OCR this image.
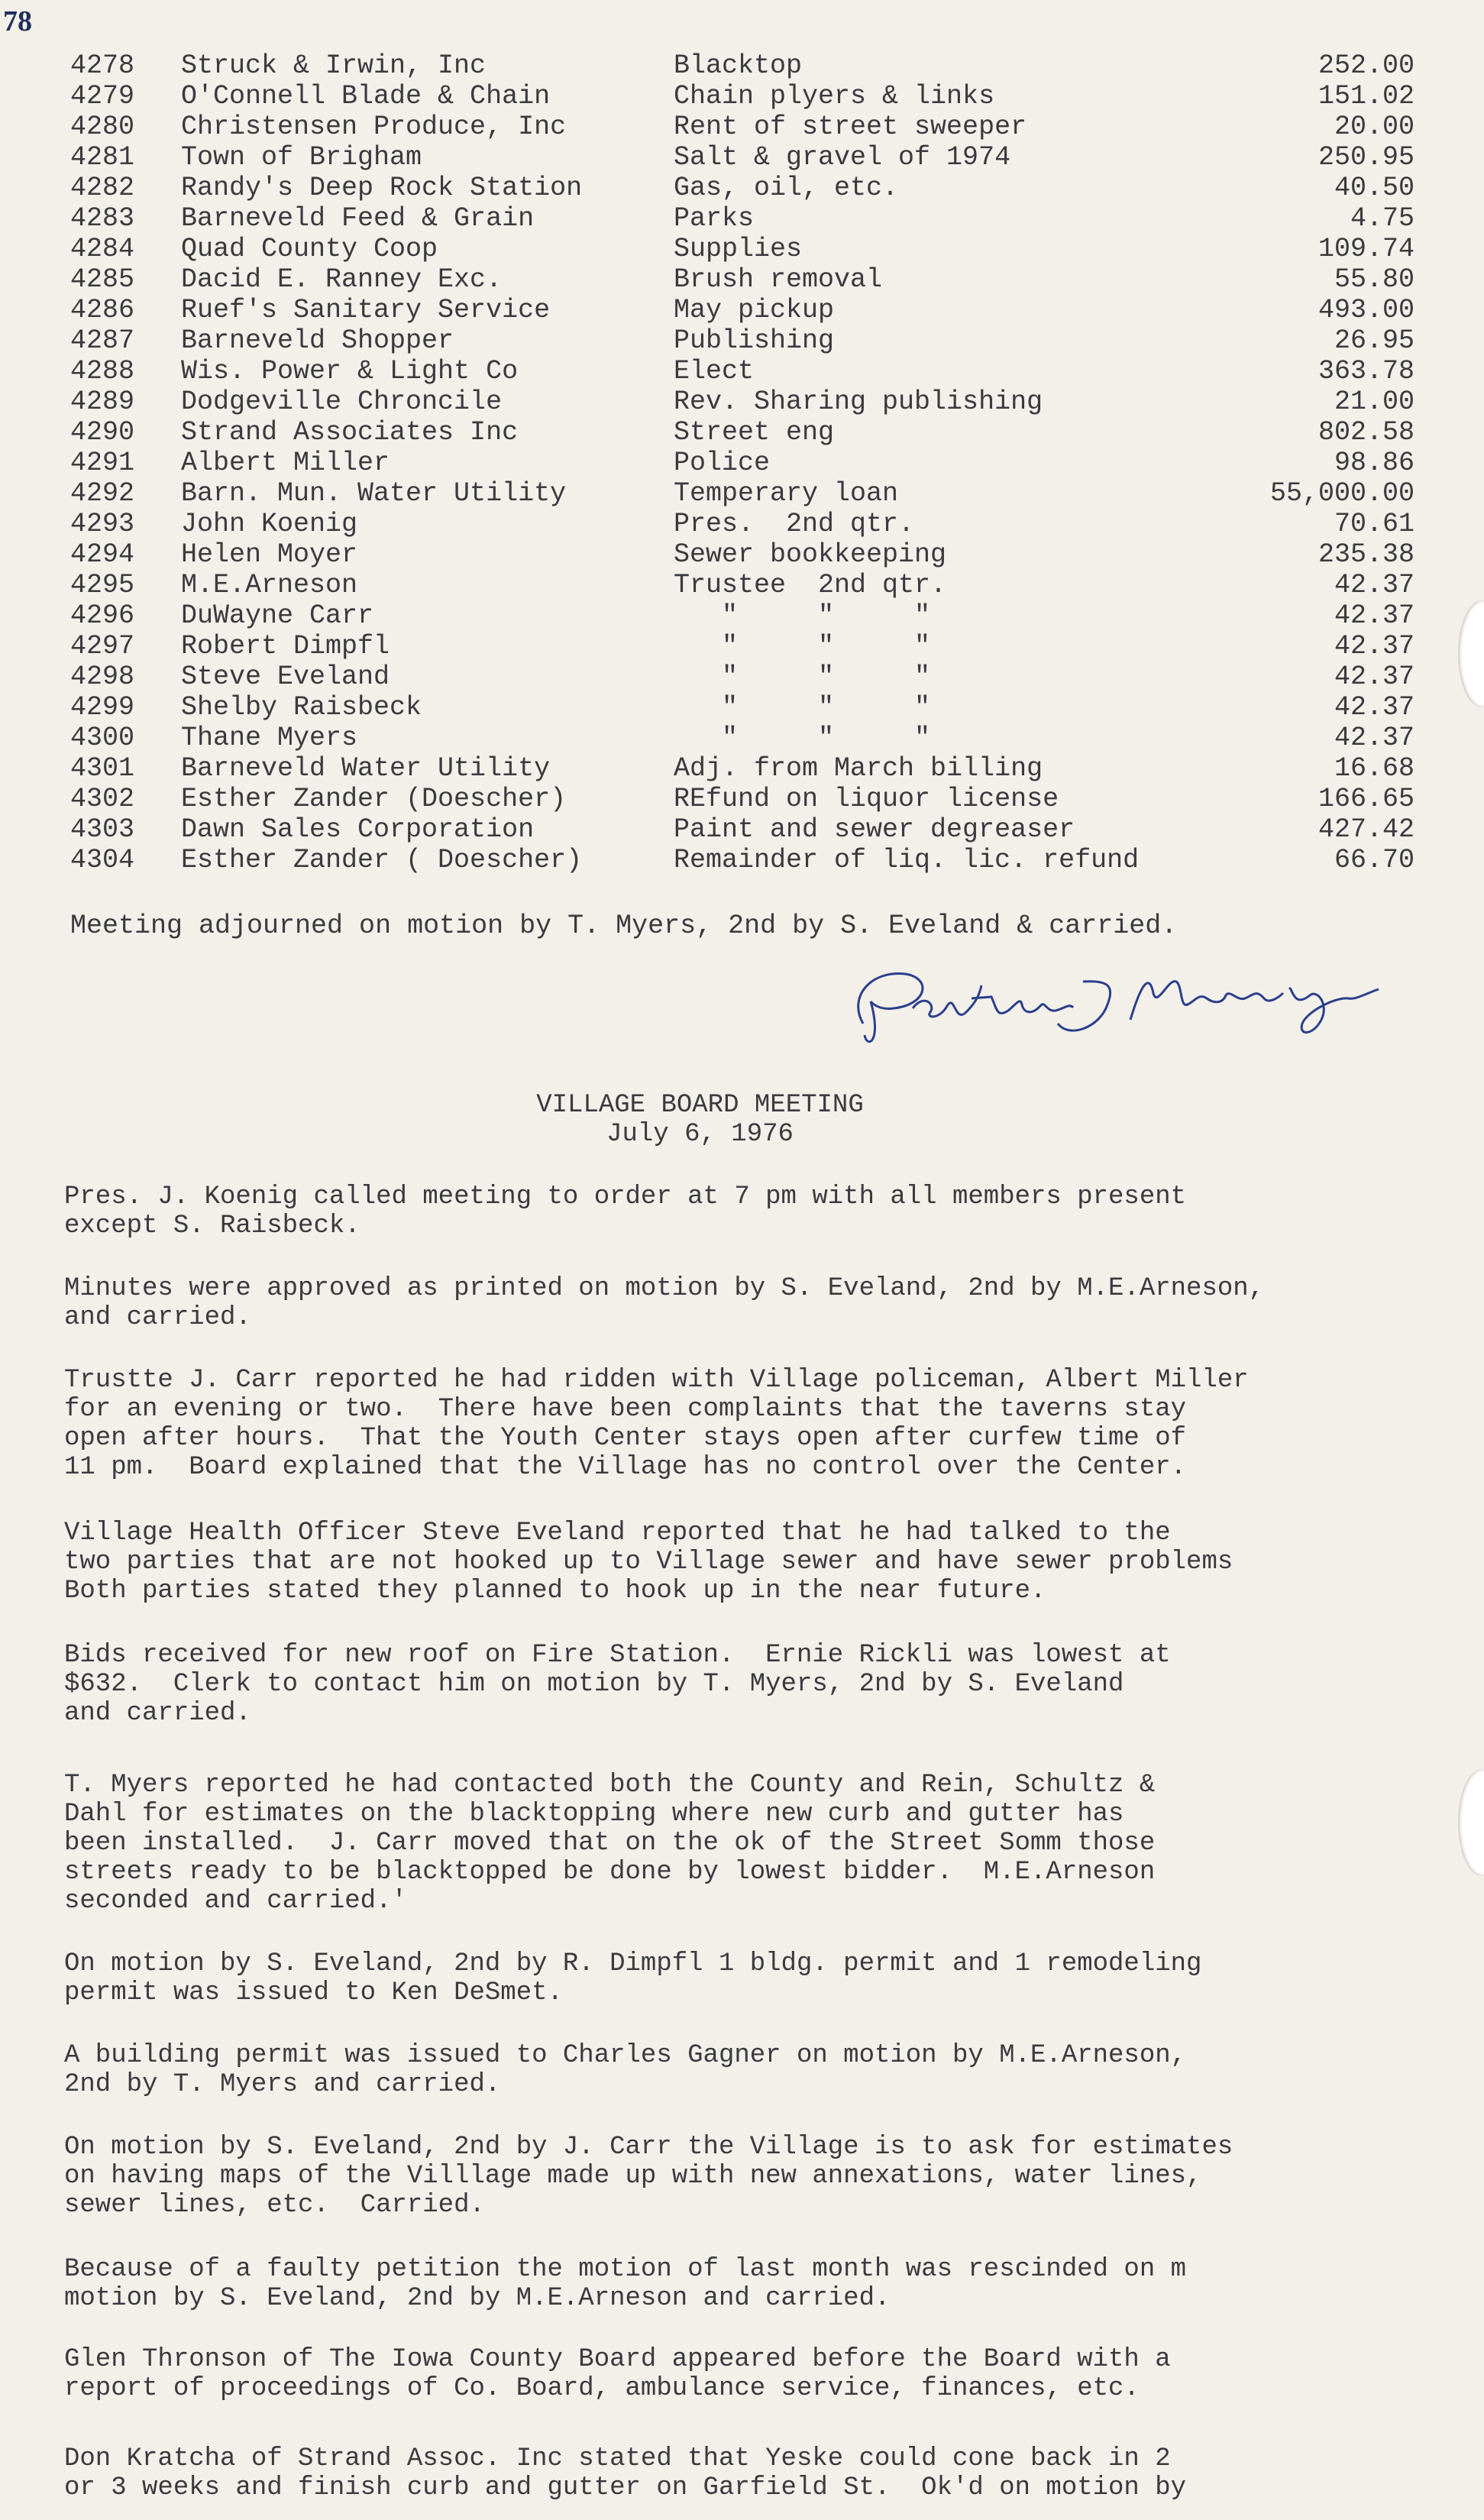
78
4278 Struck & Irwin, Inc	Blacktop	252.00
4279 O'Connell Blade & Chain	Chain plyers & links	151.02
4280 Christensen Produce, Inc	Rent of street sweeper	20.00
4281 Town of Brigham	Salt & gravel of 1974	250.95
4282 Randy's Deep Rock Station	Gas, oil, etc.	40.50
4283 Barneveld Feed & Grain	Parks	4.75
4284 Quad County Coop	Supplies	109.74
4285 Dacid E. Ranney Exc.	Brush removal	55.80
4286 Ruef's Sanitary Service	May pickup	493.00
4287 Barneveld Shopper	Publishing	26.95
4288 Wis. Power & Light Co	Elect	363.78
4289 Dodgeville Chroncile	Rev. Sharing publishing	21.00
4290 Strand Associates Inc	Street eng	802.58
4291 Albert Miller	Police	98.86
4292 Barn. Mun. Water Utility	Temperary loan	55,000.00
4293 John Koenig	Pres.  2nd qtr.	70.61
4294 Helen Moyer	Sewer bookkeeping	235.38
4295 M.E.Arneson	Trustee  2nd qtr.	42.37
4296 DuWayne Carr	"     "     "	42.37
4297 Robert Dimpfl	"     "     "	42.37
4298 Steve Eveland	"     "     "	42.37
4299 Shelby Raisbeck	"     "     "	42.37
4300 Thane Myers	"     "     "	42.37
4301 Barneveld Water Utility	Adj. from March billing	16.68
4302 Esther Zander (Doescher)	REfund on liquor license	166.65
4303 Dawn Sales Corporation	Paint and sewer degreaser	427.42
4304 Esther Zander ( Doescher)	Remainder of liq. lic. refund	66.70
Meeting adjourned on motion by T. Myers, 2nd by S. Eveland & carried.
VILLAGE BOARD MEETING
July 6, 1976
Pres. J. Koenig called meeting to order at 7 pm with all members present
except S. Raisbeck.
Minutes were approved as printed on motion by S. Eveland, 2nd by M.E.Arneson,
and carried.
Trustte J. Carr reported he had ridden with Village policeman, Albert Miller
for an evening or two.  There have been complaints that the taverns stay
open after hours.  That the Youth Center stays open after curfew time of
11 pm.  Board explained that the Village has no control over the Center.
Village Health Officer Steve Eveland reported that he had talked to the
two parties that are not hooked up to Village sewer and have sewer problems
Both parties stated they planned to hook up in the near future.
Bids received for new roof on Fire Station.  Ernie Rickli was lowest at
$632.  Clerk to contact him on motion by T. Myers, 2nd by S. Eveland
and carried.
T. Myers reported he had contacted both the County and Rein, Schultz &
Dahl for estimates on the blacktopping where new curb and gutter has
been installed.  J. Carr moved that on the ok of the Street Somm those
streets ready to be blacktopped be done by lowest bidder.  M.E.Arneson
seconded and carried.'
On motion by S. Eveland, 2nd by R. Dimpfl 1 bldg. permit and 1 remodeling
permit was issued to Ken DeSmet.
A building permit was issued to Charles Gagner on motion by M.E.Arneson,
2nd by T. Myers and carried.
On motion by S. Eveland, 2nd by J. Carr the Village is to ask for estimates
on having maps of the Villlage made up with new annexations, water lines,
sewer lines, etc.  Carried.
Because of a faulty petition the motion of last month was rescinded on m
motion by S. Eveland, 2nd by M.E.Arneson and carried.
Glen Thronson of The Iowa County Board appeared before the Board with a
report of proceedings of Co. Board, ambulance service, finances, etc.
Don Kratcha of Strand Assoc. Inc stated that Yeske could cone back in 2
or 3 weeks and finish curb and gutter on Garfield St.  Ok'd on motion by
